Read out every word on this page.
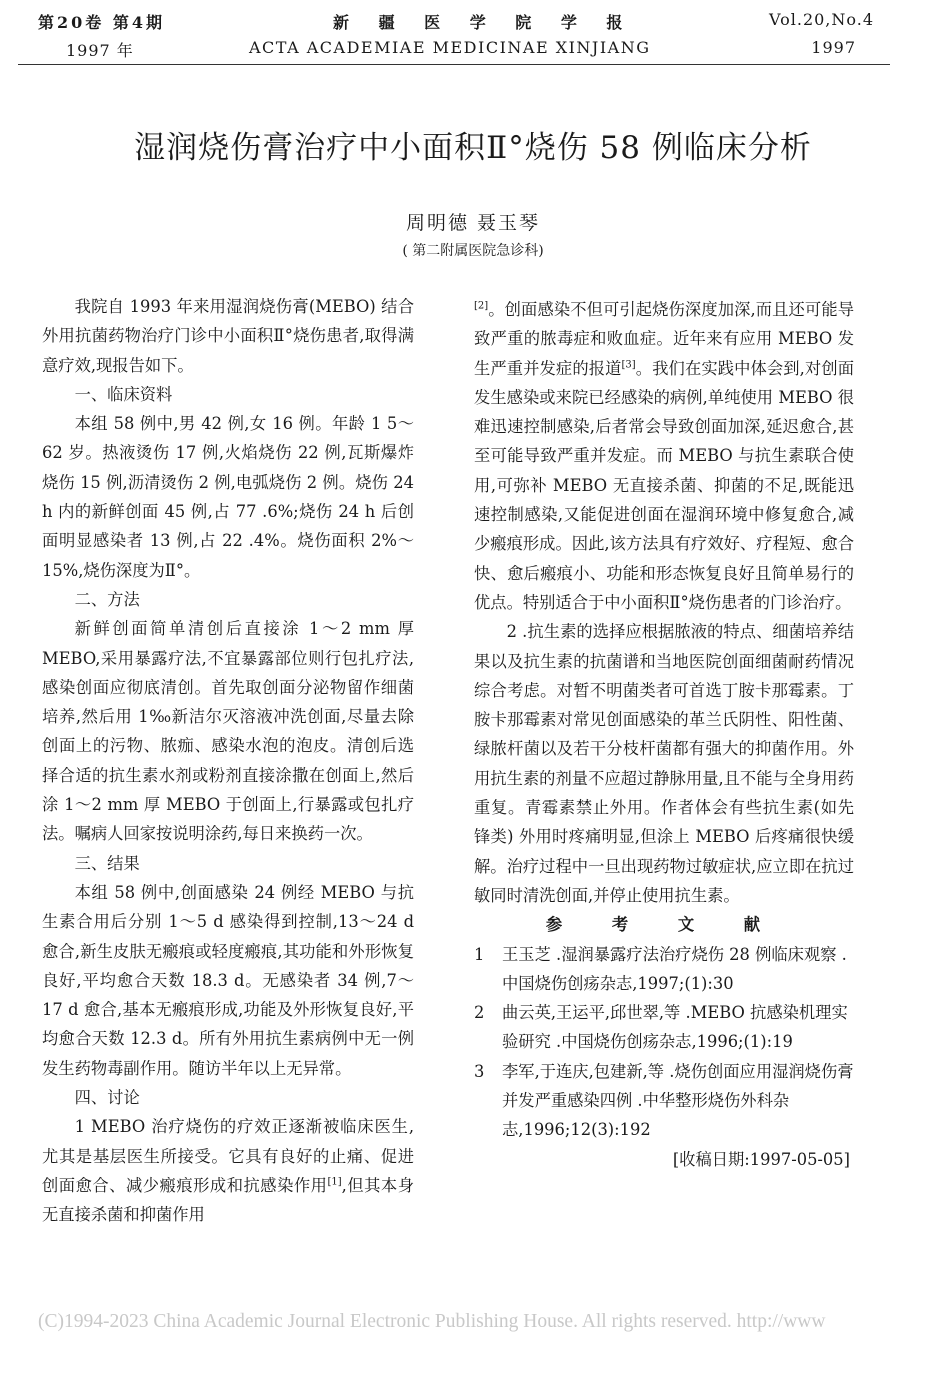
第20卷 第4期
1997 年
新 疆 医 学 院 学 报
ACTA ACADEMIAE MEDICINAE XINJIANG
Vol.20,No.4
1997
湿润烧伤膏治疗中小面积Ⅱ°烧伤 58 例临床分析
周明德 聂玉琴
( 第二附属医院急诊科)

我院自 1993 年来用湿润烧伤膏(MEBO) 结合外用抗菌药物治疗门诊中小面积Ⅱ°烧伤患者,取得满意疗效,现报告如下。

一、临床资料

本组 58 例中,男 42 例,女 16 例。年龄 1 5～62 岁。热液烫伤 17 例,火焰烧伤 22 例,瓦斯爆炸烧伤 15 例,沥清烫伤 2 例,电弧烧伤 2 例。烧伤 24 h 内的新鲜创面 45 例,占 77 .6%;烧伤 24 h 后创面明显感染者 13 例,占 22 .4%。烧伤面积 2%～15%,烧伤深度为Ⅱ°。

二、方法

新鲜创面简单清创后直接涂 1～2 mm 厚 MEBO,采用暴露疗法,不宜暴露部位则行包扎疗法,感染创面应彻底清创。首先取创面分泌物留作细菌培养,然后用 1‰新洁尔灭溶液冲洗创面,尽量去除创面上的污物、脓痂、感染水泡的泡皮。清创后选择合适的抗生素水剂或粉剂直接涂撒在创面上,然后涂 1～2 mm 厚 MEBO 于创面上,行暴露或包扎疗法。嘱病人回家按说明涂药,每日来换药一次。

三、结果

本组 58 例中,创面感染 24 例经 MEBO 与抗生素合用后分别 1～5 d 感染得到控制,13～24 d 愈合,新生皮肤无瘢痕或轻度瘢痕,其功能和外形恢复良好,平均愈合天数 18.3 d。无感染者 34 例,7～17 d 愈合,基本无瘢痕形成,功能及外形恢复良好,平均愈合天数 12.3 d。所有外用抗生素病例中无一例发生药物毒副作用。随访半年以上无异常。

四、讨论

1 MEBO 治疗烧伤的疗效正逐渐被临床医生,尤其是基层医生所接受。它具有良好的止痛、促进创面愈合、减少瘢痕形成和抗感染作用[1],但其本身无直接杀菌和抑菌作用

[2]。创面感染不但可引起烧伤深度加深,而且还可能导致严重的脓毒症和败血症。近年来有应用 MEBO 发生严重并发症的报道[3]。我们在实践中体会到,对创面发生感染或来院已经感染的病例,单纯使用 MEBO 很难迅速控制感染,后者常会导致创面加深,延迟愈合,甚至可能导致严重并发症。而 MEBO 与抗生素联合使用,可弥补 MEBO 无直接杀菌、抑菌的不足,既能迅速控制感染,又能促进创面在湿润环境中修复愈合,减少瘢痕形成。因此,该方法具有疗效好、疗程短、愈合快、愈后瘢痕小、功能和形态恢复良好且简单易行的优点。特别适合于中小面积Ⅱ°烧伤患者的门诊治疗。

2 .抗生素的选择应根据脓液的特点、细菌培养结果以及抗生素的抗菌谱和当地医院创面细菌耐药情况综合考虑。对暂不明菌类者可首选丁胺卡那霉素。丁胺卡那霉素对常见创面感染的革兰氏阴性、阳性菌、绿脓杆菌以及若干分枝杆菌都有强大的抑菌作用。外用抗生素的剂量不应超过静脉用量,且不能与全身用药重复。青霉素禁止外用。作者体会有些抗生素(如先锋类) 外用时疼痛明显,但涂上 MEBO 后疼痛很快缓解。治疗过程中一旦出现药物过敏症状,应立即在抗过敏同时清洗创面,并停止使用抗生素。

参 考 文 献

1	王玉芝 .湿润暴露疗法治疗烧伤 28 例临床观察 .中国烧伤创疡杂志,1997;(1):30
2	曲云英,王运平,邱世翠,等 .MEBO 抗感染机理实验研究 .中国烧伤创疡杂志,1996;(1):19
3	李军,于连庆,包建新,等 .烧伤创面应用湿润烧伤膏并发严重感染四例 .中华整形烧伤外科杂志,1996;12(3):192

[收稿日期:1997-05-05]

(C)1994-2023 China Academic Journal Electronic Publishing House. All rights reserved. http://www
